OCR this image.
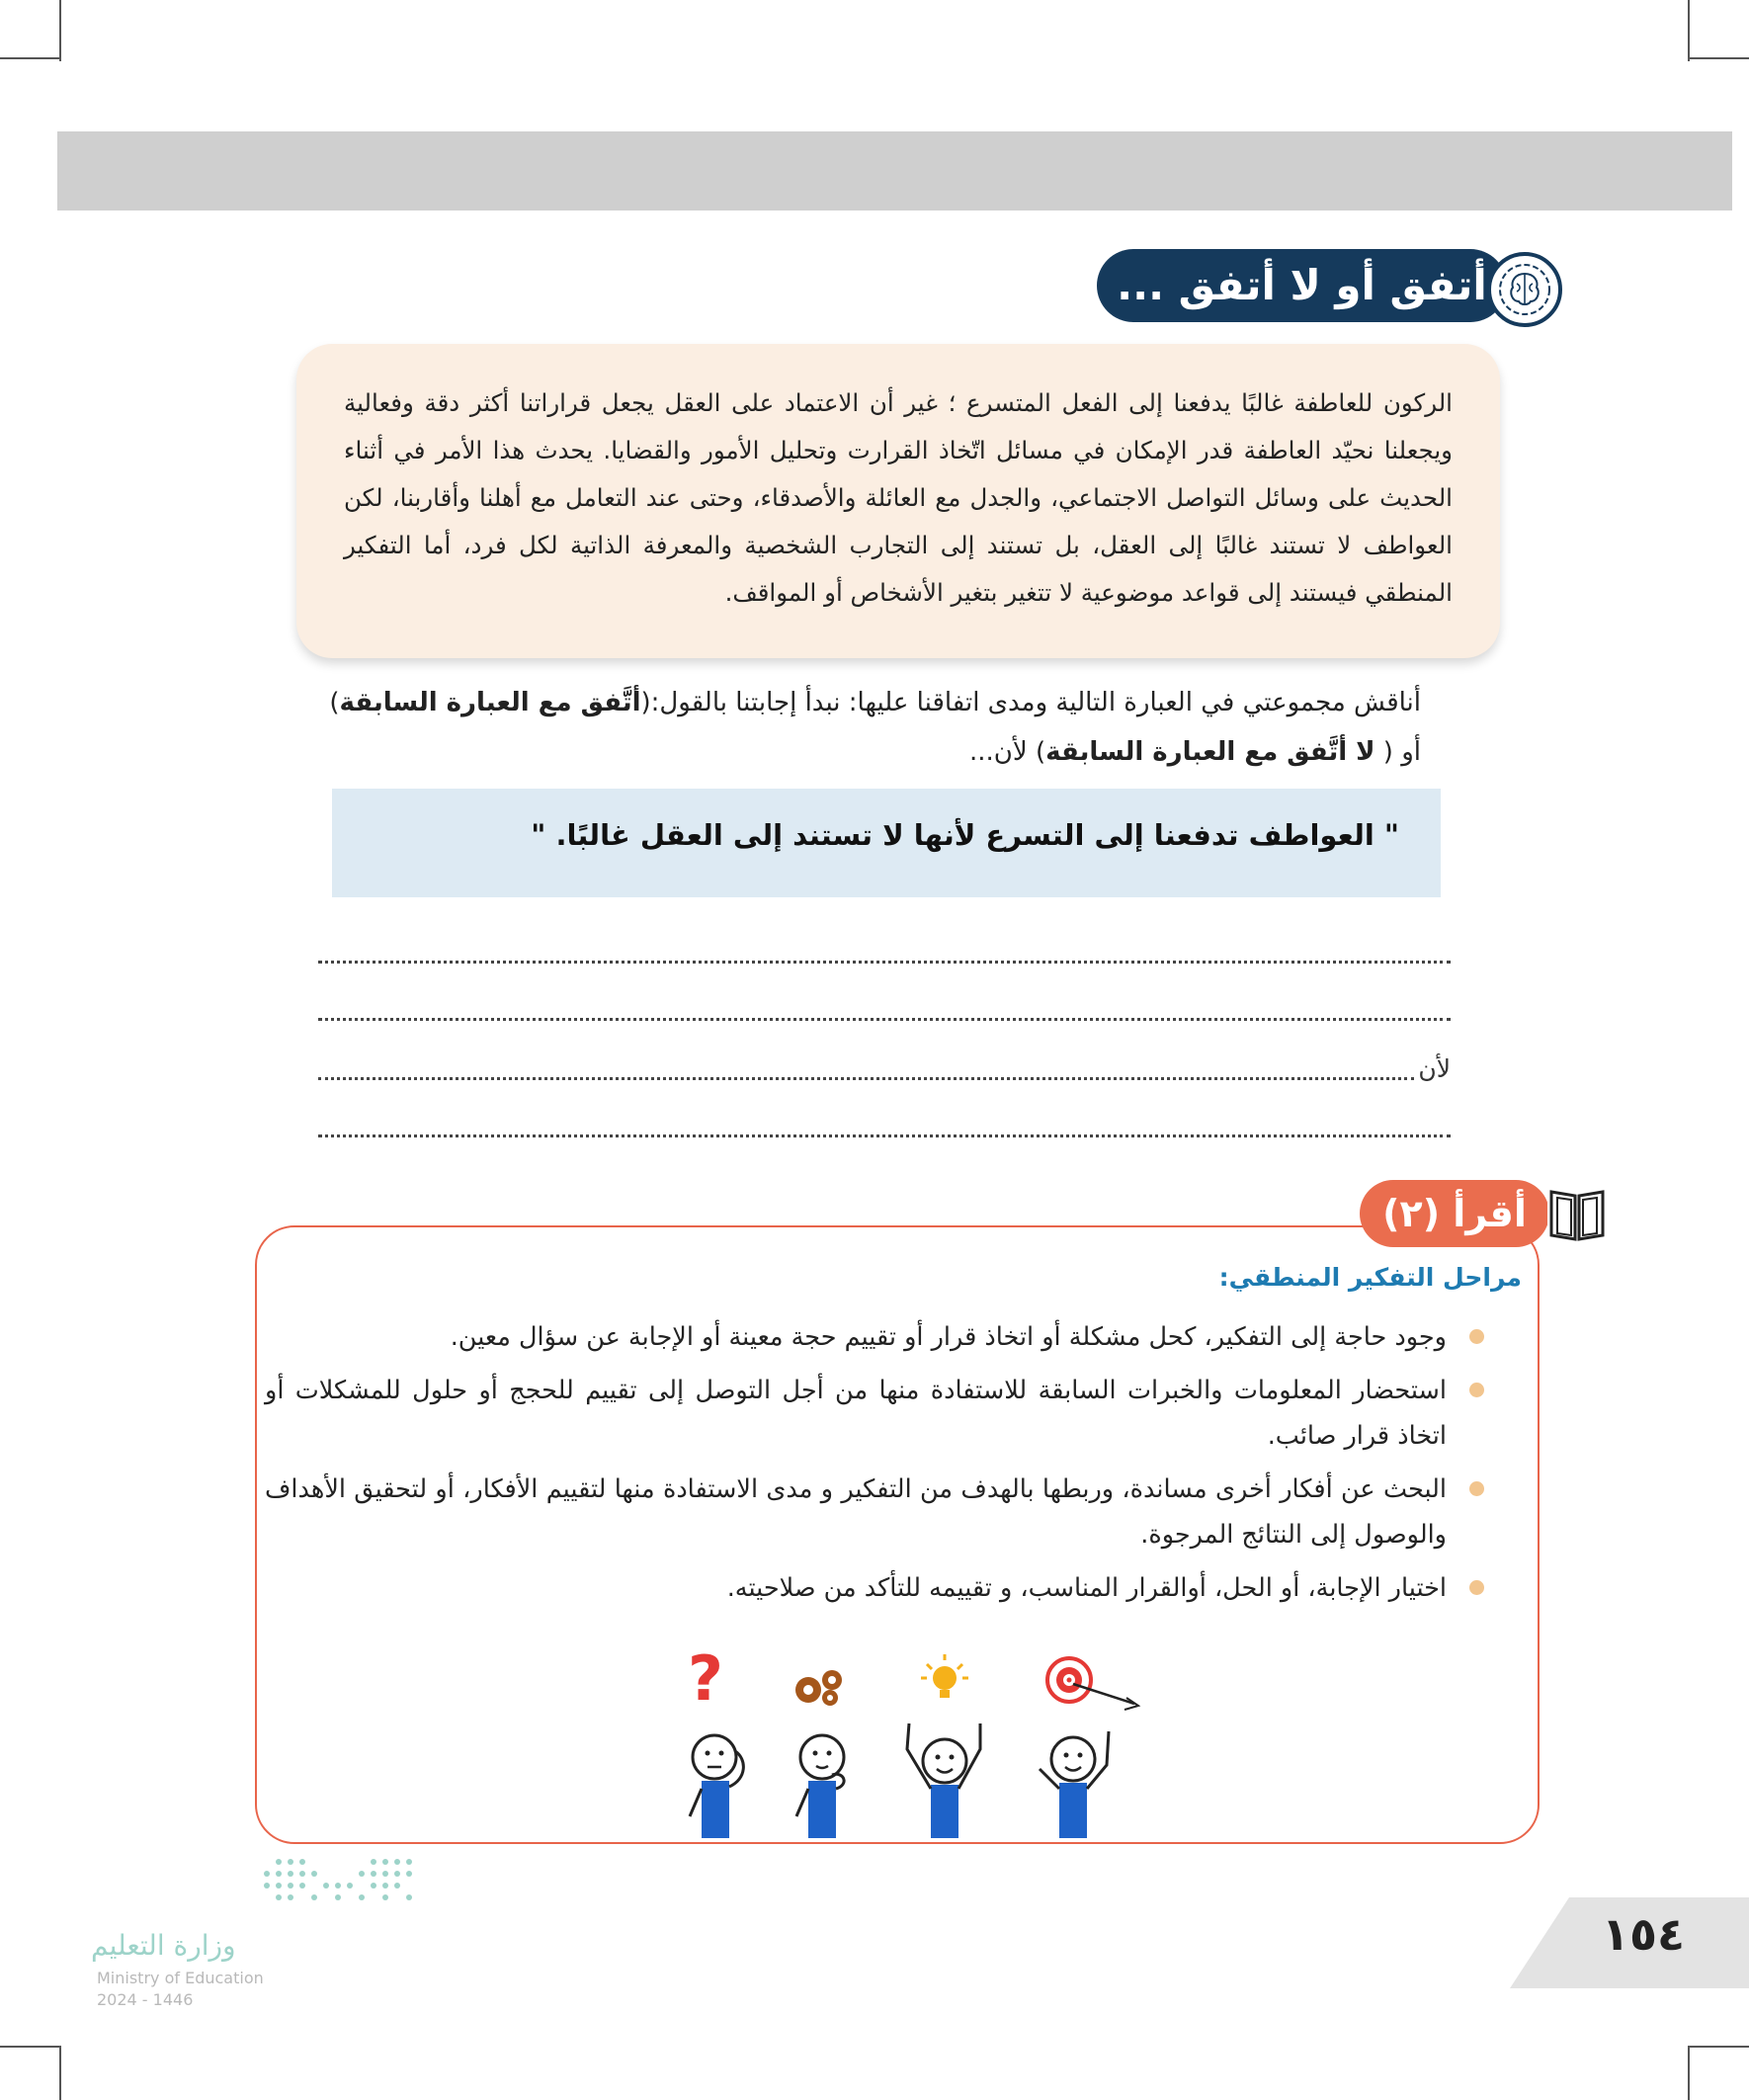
أتفق أو لا أتفق ...

الركون للعاطفة غالبًا يدفعنا إلى الفعل المتسرع ؛ غير أن الاعتماد على العقل يجعل قراراتنا أكثر دقة وفعالية ويجعلنا نحيّد العاطفة قدر الإمكان في مسائل اتّخاذ القرارت وتحليل الأمور والقضايا. يحدث هذا الأمر في أثناء الحديث على وسائل التواصل الاجتماعي، والجدل مع العائلة والأصدقاء، وحتى عند التعامل مع أهلنا وأقاربنا، لكن العواطف لا تستند غالبًا إلى العقل، بل تستند إلى التجارب الشخصية والمعرفة الذاتية لكل فرد، أما التفكير المنطقي فيستند إلى قواعد موضوعية لا تتغير بتغير الأشخاص أو المواقف.

أناقش مجموعتي في العبارة التالية ومدى اتفاقنا عليها: نبدأ إجابتنا بالقول:(أتَّفق مع العبارة السابقة)
أو ( لا أتَّفق مع العبارة السابقة) لأن...
" العواطف تدفعنا إلى التسرع لأنها لا تستند إلى العقل غالبًا. "
لأن
أقرأ (٢)
مراحل التفكير المنطقي:
وجود حاجة إلى التفكير، كحل مشكلة أو اتخاذ قرار أو تقييم حجة معينة أو الإجابة عن سؤال معين.
استحضار المعلومات والخبرات السابقة للاستفادة منها من أجل التوصل إلى تقييم للحجج أو حلول للمشكلات أو اتخاذ قرار صائب.
البحث عن أفكار أخرى مساندة، وربطها بالهدف من التفكير و مدى الاستفادة منها لتقييم الأفكار، أو لتحقيق الأهداف والوصول إلى النتائج المرجوة.
اختيار الإجابة، أو الحل، أوالقرار المناسب، و تقييمه للتأكد من صلاحيته.
?
وزارة التعليم
Ministry of Education
2024 - 1446
١٥٤
